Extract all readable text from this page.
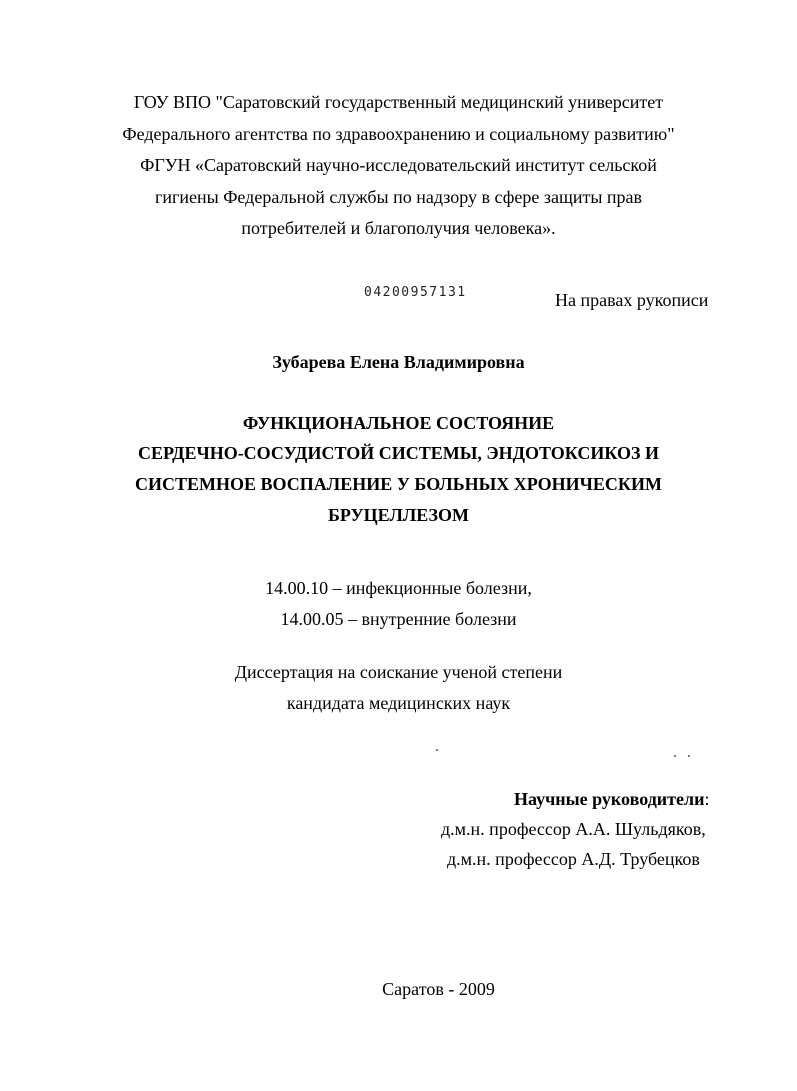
ГОУ ВПО "Саратовский государственный медицинский университет
Федерального агентства по здравоохранению и социальному развитию"
ФГУН «Саратовский научно-исследовательский институт сельской
гигиены Федеральной службы по надзору в сфере защиты прав
потребителей и благополучия человека».
04200957131	На правах рукописи
Зубарева Елена Владимировна
ФУНКЦИОНАЛЬНОЕ СОСТОЯНИЕ
СЕРДЕЧНО-СОСУДИСТОЙ СИСТЕМЫ, ЭНДОТОКСИКОЗ И
СИСТЕМНОЕ ВОСПАЛЕНИЕ У БОЛЬНЫХ ХРОНИЧЕСКИМ
БРУЦЕЛЛЕЗОМ
14.00.10 – инфекционные болезни,
14.00.05 – внутренние болезни
Диссертация на соискание ученой степени
кандидата медицинских наук
Научные руководители:
д.м.н. профессор А.А. Шульдяков,
д.м.н. профессор А.Д. Трубецков
Саратов - 2009
